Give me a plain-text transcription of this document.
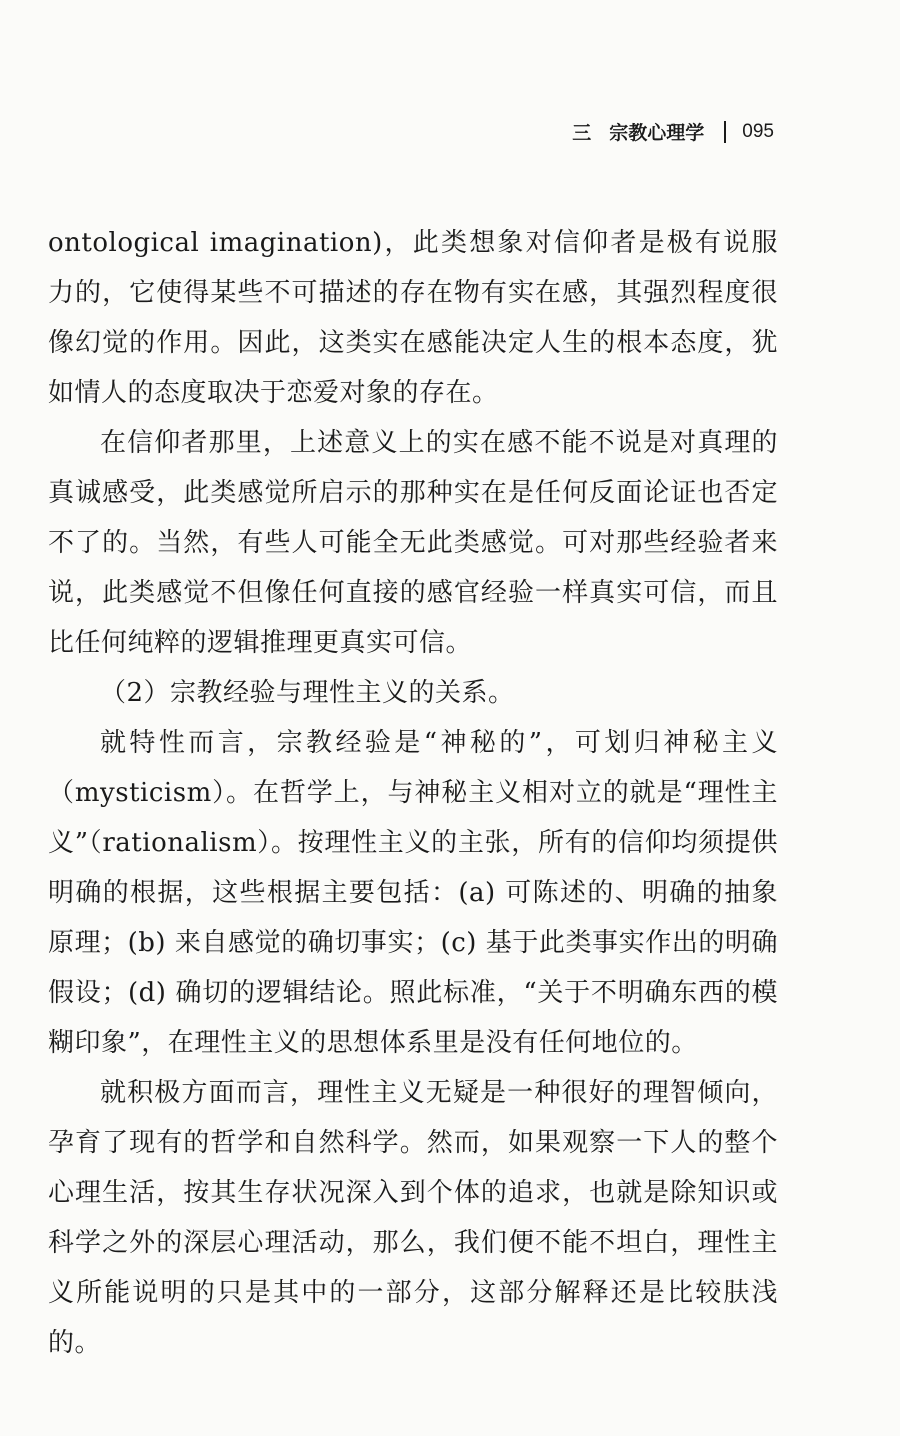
三 宗教心理学 095

ontological imagination)，此类想象对信仰者是极有说服力的，它使得某些不可描述的存在物有实在感，其强烈程度很像幻觉的作用。因此，这类实在感能决定人生的根本态度，犹如情人的态度取决于恋爱对象的存在。

在信仰者那里，上述意义上的实在感不能不说是对真理的真诚感受，此类感觉所启示的那种实在是任何反面论证也否定不了的。当然，有些人可能全无此类感觉。可对那些经验者来说，此类感觉不但像任何直接的感官经验一样真实可信，而且比任何纯粹的逻辑推理更真实可信。

（2）宗教经验与理性主义的关系。

就特性而言，宗教经验是“神秘的”，可划归神秘主义（mysticism）。在哲学上，与神秘主义相对立的就是“理性主义”（rationalism）。按理性主义的主张，所有的信仰均须提供明确的根据，这些根据主要包括：(a) 可陈述的、明确的抽象原理；(b) 来自感觉的确切事实；(c) 基于此类事实作出的明确假设；(d) 确切的逻辑结论。照此标准，“关于不明确东西的模糊印象”，在理性主义的思想体系里是没有任何地位的。

就积极方面而言，理性主义无疑是一种很好的理智倾向，孕育了现有的哲学和自然科学。然而，如果观察一下人的整个心理生活，按其生存状况深入到个体的追求，也就是除知识或科学之外的深层心理活动，那么，我们便不能不坦白，理性主义所能说明的只是其中的一部分，这部分解释还是比较肤浅的。
